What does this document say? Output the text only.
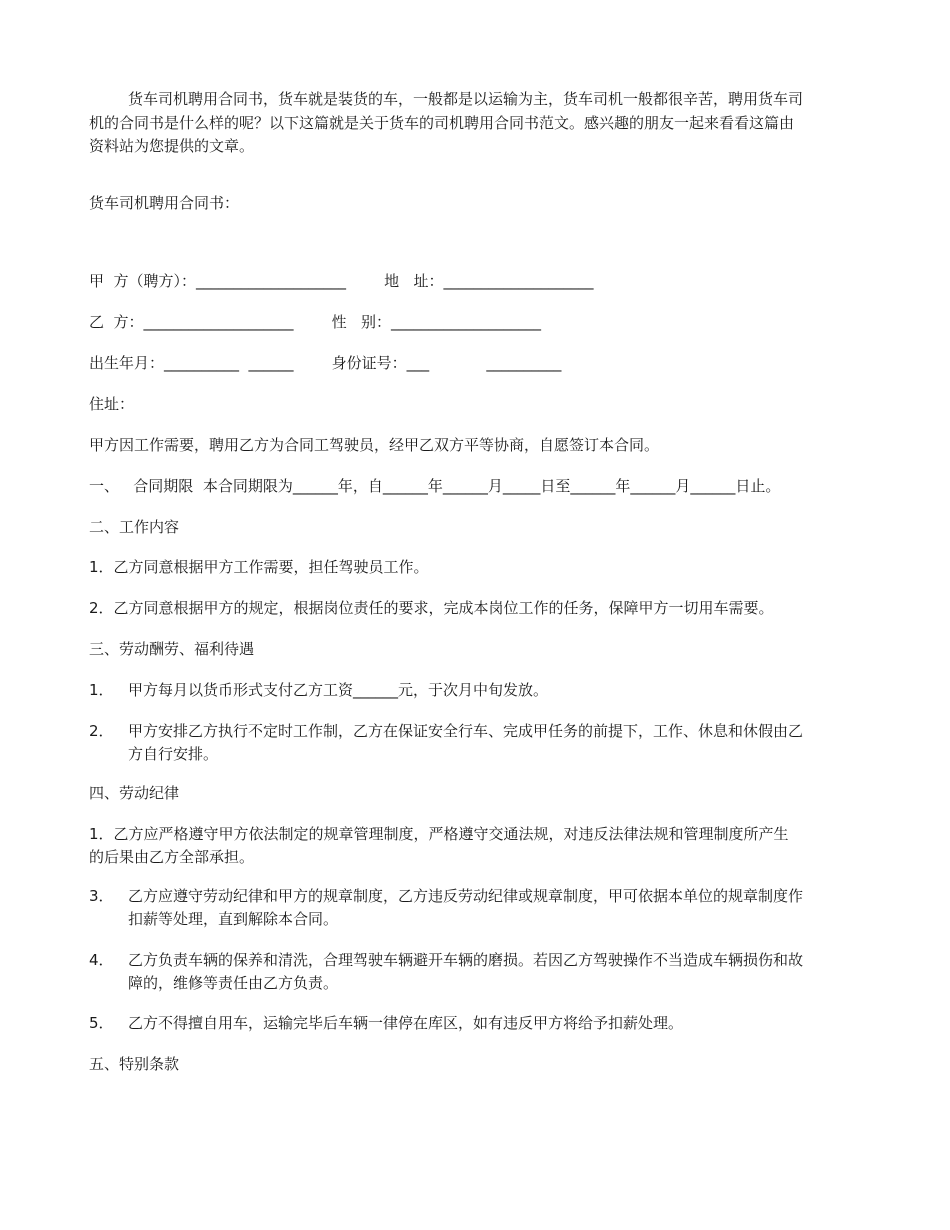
货车司机聘用合同书，货车就是装货的车，一般都是以运输为主，货车司机一般都很辛苦，聘用货车司
机的合同书是什么样的呢？以下这篇就是关于货车的司机聘用合同书范文。感兴趣的朋友一起来看看这篇由
资料站为您提供的文章。
货车司机聘用合同书：
甲  方（聘方）：____________________        地   址：____________________
乙  方：____________________        性   别：____________________
出生年月：__________  ______        身份证号：___            __________
住址：
甲方因工作需要，聘用乙方为合同工驾驶员，经甲乙双方平等协商，自愿签订本合同。
一、   合同期限  本合同期限为______年，自______年______月_____日至______年______月______日止。
二、工作内容
1．乙方同意根据甲方工作需要，担任驾驶员工作。
2．乙方同意根据甲方的规定，根据岗位责任的要求，完成本岗位工作的任务，保障甲方一切用车需要。
三、劳动酬劳、福利待遇
1． 甲方每月以货币形式支付乙方工资______元，于次月中旬发放。
2． 甲方安排乙方执行不定时工作制，乙方在保证安全行车、完成甲任务的前提下，工作、休息和休假由乙
方自行安排。
四、劳动纪律
1．乙方应严格遵守甲方依法制定的规章管理制度，严格遵守交通法规，对违反法律法规和管理制度所产生
的后果由乙方全部承担。
3． 乙方应遵守劳动纪律和甲方的规章制度，乙方违反劳动纪律或规章制度，甲可依据本单位的规章制度作
扣薪等处理，直到解除本合同。
4． 乙方负责车辆的保养和清洗，合理驾驶车辆避开车辆的磨损。若因乙方驾驶操作不当造成车辆损伤和故
障的，维修等责任由乙方负责。
5． 乙方不得擅自用车，运输完毕后车辆一律停在库区，如有违反甲方将给予扣薪处理。
五、特别条款
